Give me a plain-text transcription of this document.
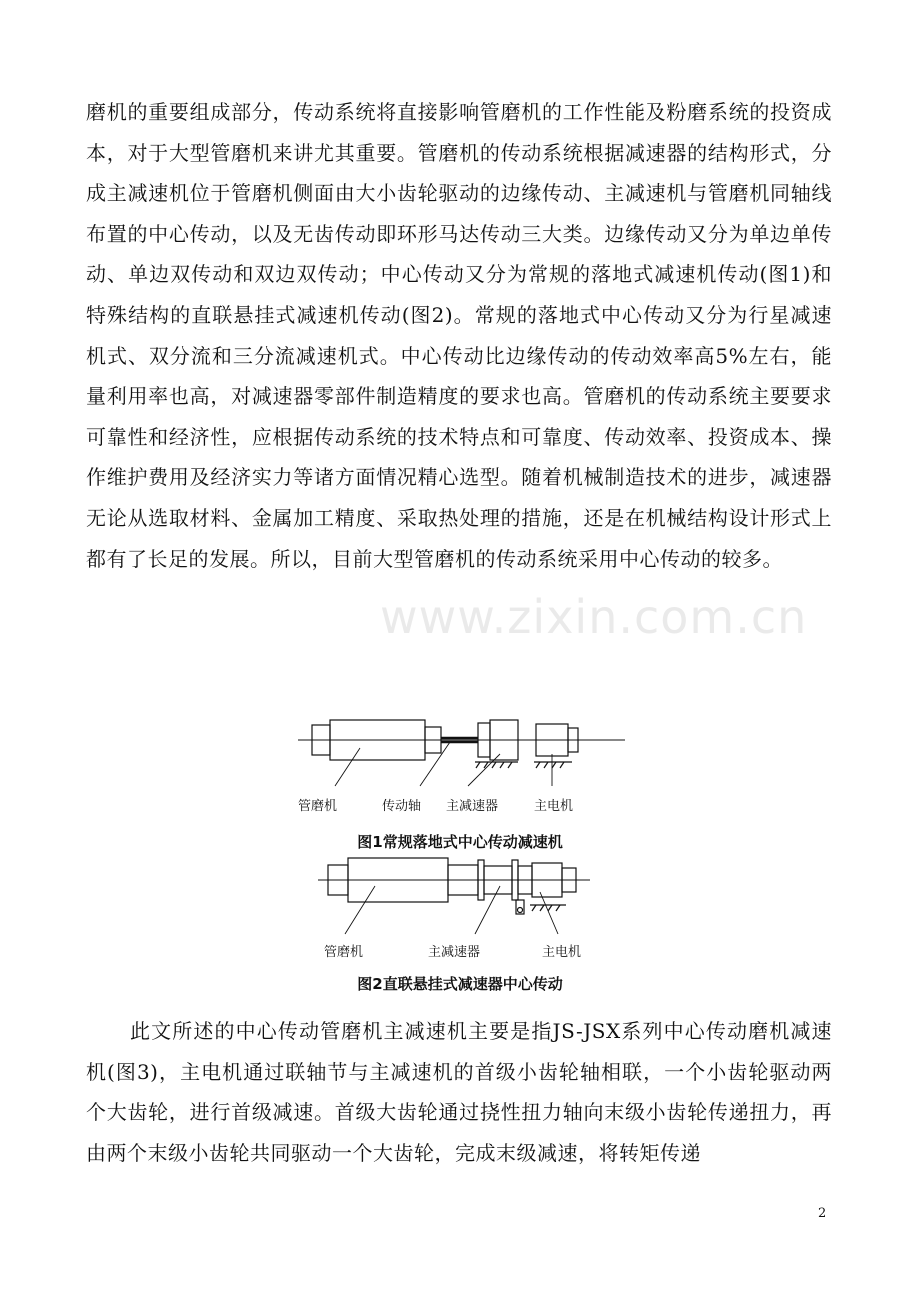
磨机的重要组成部分，传动系统将直接影响管磨机的工作性能及粉磨系统的投资成本，对于大型管磨机来讲尤其重要。管磨机的传动系统根据减速器的结构形式，分成主减速机位于管磨机侧面由大小齿轮驱动的边缘传动、主减速机与管磨机同轴线布置的中心传动，以及无齿传动即环形马达传动三大类。边缘传动又分为单边单传动、单边双传动和双边双传动；中心传动又分为常规的落地式减速机传动(图1)和特殊结构的直联悬挂式减速机传动(图2)。常规的落地式中心传动又分为行星减速机式、双分流和三分流减速机式。中心传动比边缘传动的传动效率高5%左右，能量利用率也高，对减速器零部件制造精度的要求也高。管磨机的传动系统主要要求可靠性和经济性，应根据传动系统的技术特点和可靠度、传动效率、投资成本、操作维护费用及经济实力等诸方面情况精心选型。随着机械制造技术的进步，减速器无论从选取材料、金属加工精度、采取热处理的措施，还是在机械结构设计形式上都有了长足的发展。所以，目前大型管磨机的传动系统采用中心传动的较多。

管磨机	传动轴 主减速器	主电机
图1常规落地式中心传动减速机
管磨机	主减速器	主电机
图2直联悬挂式减速器中心传动

此文所述的中心传动管磨机主减速机主要是指JS-JSX系列中心传动磨机减速机(图3)，主电机通过联轴节与主减速机的首级小齿轮轴相联，一个小齿轮驱动两个大齿轮，进行首级减速。首级大齿轮通过挠性扭力轴向末级小齿轮传递扭力，再由两个末级小齿轮共同驱动一个大齿轮，完成末级减速，将转矩传递

www.zixin.com.cn
2
